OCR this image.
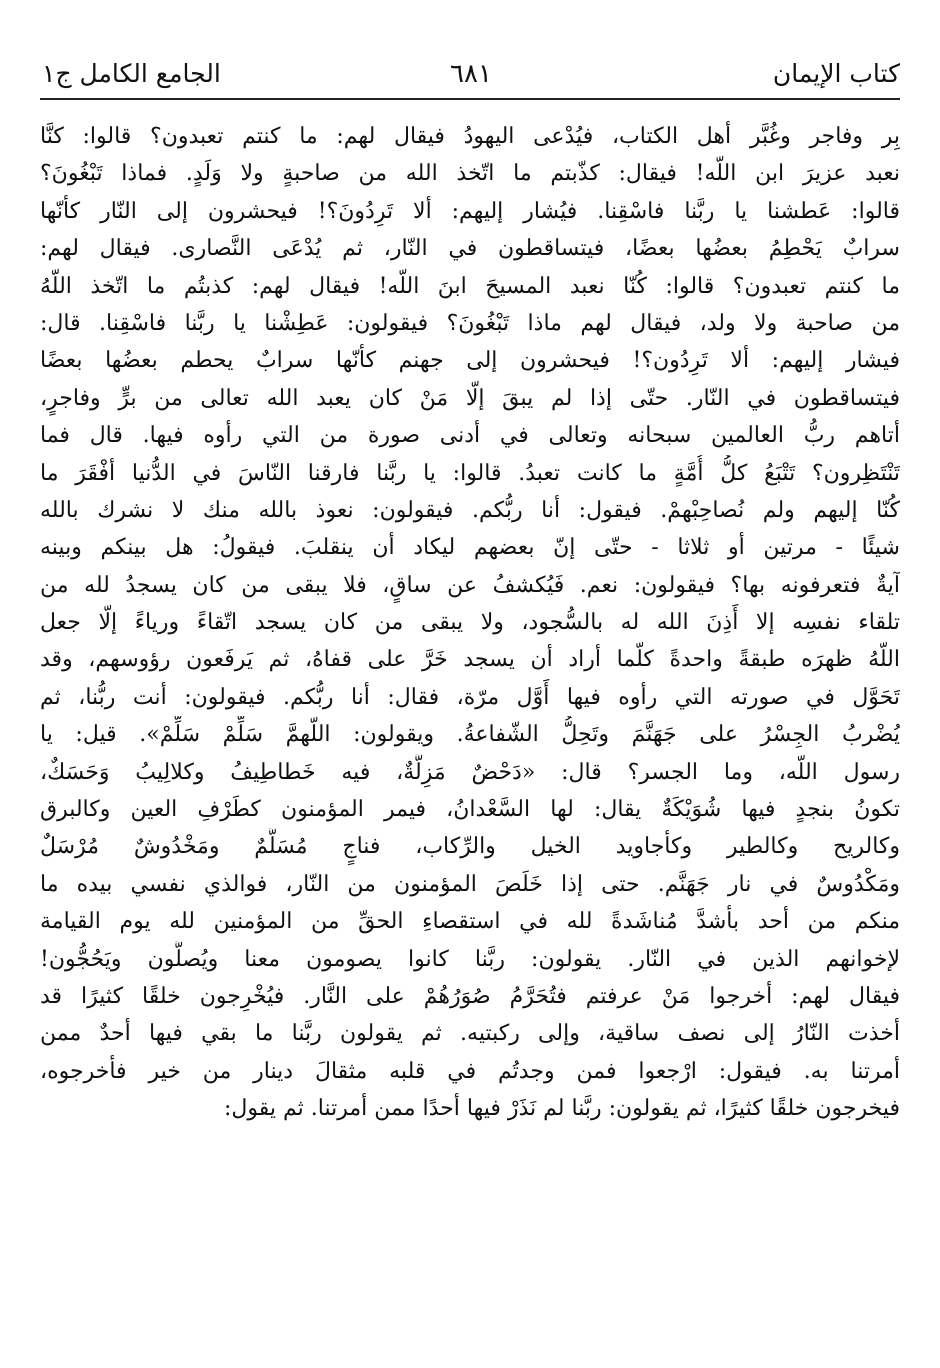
كتاب الإيمان
٦٨١
الجامع الكامل ج١
بِر وفاجر وغُبَّر أهل الكتاب، فيُدْعى اليهودُ فيقال لهم: ما كنتم تعبدون؟ قالوا: كنَّا
نعبد عزيرَ ابن اللّه! فيقال: كذّبتم ما اتّخذ الله من صاحبةٍ ولا وَلَدٍ. فماذا تَبْغُونَ؟
قالوا: عَطشنا يا ربَّنا فاسْقِنا. فيُشار إليهم: ألا تَرِدُونَ؟! فيحشرون إلى النّار كأنّها
سرابٌ يَحْطِمُ بعضُها بعضًا، فيتساقطون في النّار، ثم يُدْعَى النَّصارى. فيقال لهم:
ما كنتم تعبدون؟ قالوا: كُنّا نعبد المسيحَ ابنَ اللّه! فيقال لهم: كذبتُم ما اتّخذ اللّهُ
من صاحبة ولا ولد، فيقال لهم ماذا تَبْغُونَ؟ فيقولون: عَطِشْنا يا ربَّنا فاسْقِنا. قال:
فيشار إليهم: ألا تَرِدُون؟! فيحشرون إلى جهنم كأنّها سرابٌ يحطم بعضُها بعضًا
فيتساقطون في النّار. حتّى إذا لم يبقَ إلّا مَنْ كان يعبد الله تعالى من برٍّ وفاجرٍ،
أتاهم ربُّ العالمين سبحانه وتعالى في أدنى صورة من التي رأوه فيها. قال فما
تَنْتَظِرون؟ تَتْبَعُ كلُّ أُمَّةٍ ما كانت تعبدُ. قالوا: يا ربَّنا فارقنا النّاسَ في الدُّنيا أفْقَرَ ما
كُنّا إليهم ولم نُصاحِبْهمْ. فيقول: أنا ربُّكم. فيقولون: نعوذ بالله منك لا نشرك بالله
شيئًا - مرتين أو ثلاثا - حتّى إنّ بعضهم ليكاد أن ينقلبَ. فيقولُ: هل بينكم وبينه
آيةٌ فتعرفونه بها؟ فيقولون: نعم. فَيُكشفُ عن ساقٍ، فلا يبقى من كان يسجدُ لله من
تلقاء نفسِه إلا أَذِنَ الله له بالسُّجود، ولا يبقى من كان يسجد اتّقاءً ورياءً إلّا جعل
اللّهُ ظهرَه طبقةً واحدةً كلّما أراد أن يسجد خَرَّ على قفاهُ، ثم يَرفَعون رؤوسهم، وقد
تَحَوَّل في صورته التي رأوه فيها أَوَّل مرّة، فقال: أنا ربُّكم. فيقولون: أنت ربُّنا، ثم
يُضْربُ الجِسْرُ على جَهَنَّمَ وتَحِلُّ الشّفاعةُ. ويقولون: اللّهمَّ سَلِّمْ سَلِّمْ». قيل: يا
رسول اللّه، وما الجسر؟ قال: «دَحْضٌ مَزِلَّةٌ، فيه خَطاطِيفُ وكلالِيبُ وَحَسَكٌ،
تكونُ بنجدٍ فيها شُوَيْكَةٌ يقال: لها السَّعْدانُ، فيمر المؤمنون كطَرْفِ العين وكالبرق
وكالريح وكالطير وكأجاويد الخيل والرِّكاب، فناجٍ مُسَلَّمٌ ومَخْدُوشٌ مُرْسَلٌ
ومَكْدُوسٌ في نار جَهَنَّم. حتى إذا خَلَصَ المؤمنون من النّار، فوالذي نفسي بيده ما
منكم من أحد بأشدَّ مُناشَدةً لله في استقصاءِ الحقِّ من المؤمنين لله يوم القيامة
لإخوانهم الذين في النّار. يقولون: ربَّنا كانوا يصومون معنا ويُصلُّون ويَحُجُّون!
فيقال لهم: أخرجوا مَنْ عرفتم فتُحَرَّمُ صُوَرُهُمْ على النَّار. فيُخْرِجون خلقًا كثيرًا قد
أخذت النّارُ إلى نصف ساقية، وإلى ركبتيه. ثم يقولون ربَّنا ما بقي فيها أحدٌ ممن
أمرتنا به. فيقول: ارْجعوا فمن وجدتُم في قلبه مثقالَ دينار من خير فأخرجوه،
فيخرجون خلقًا كثيرًا، ثم يقولون: ربَّنا لم نَذَرْ فيها أحدًا ممن أمرتنا. ثم يقول:
